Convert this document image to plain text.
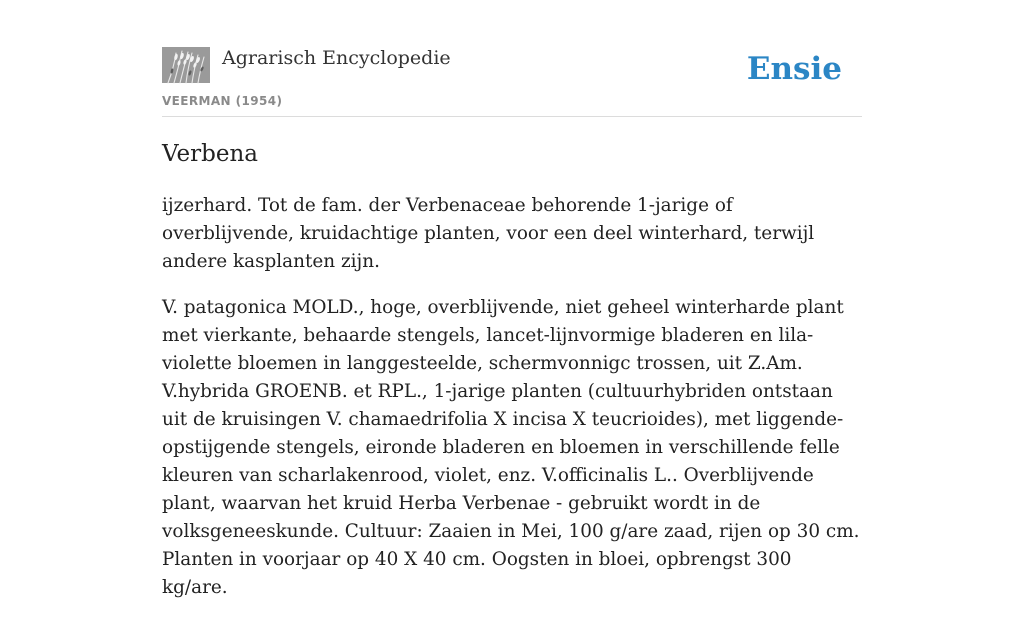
Agrarisch Encyclopedie
VEERMAN (1954)
Ensie
Verbena

ijzerhard. Tot de fam. der Verbenaceae behorende 1-jarige of overblijvende, kruidachtige planten, voor een deel winterhard, terwijl andere kasplanten zijn.

V. patagonica MOLD., hoge, overblijvende, niet geheel winterharde plant met vierkante, behaarde stengels, lancet-lijnvormige bladeren en lila-violette bloemen in langgesteelde, schermvonnigc trossen, uit Z.Am. V.hybrida GROENB. et RPL., 1-jarige planten (cultuurhybriden ontstaan uit de kruisingen V. chamaedrifolia X incisa X teucrioides), met liggende-opstijgende stengels, eironde bladeren en bloemen in verschillende felle kleuren van scharlakenrood, violet, enz. V.officinalis L.. Overblijvende plant, waarvan het kruid Herba Verbenae - gebruikt wordt in de volksgeneeskunde. Cultuur: Zaaien in Mei, 100 g/are zaad, rijen op 30 cm. Planten in voorjaar op 40 X 40 cm. Oogsten in bloei, opbrengst 300 kg/are.
